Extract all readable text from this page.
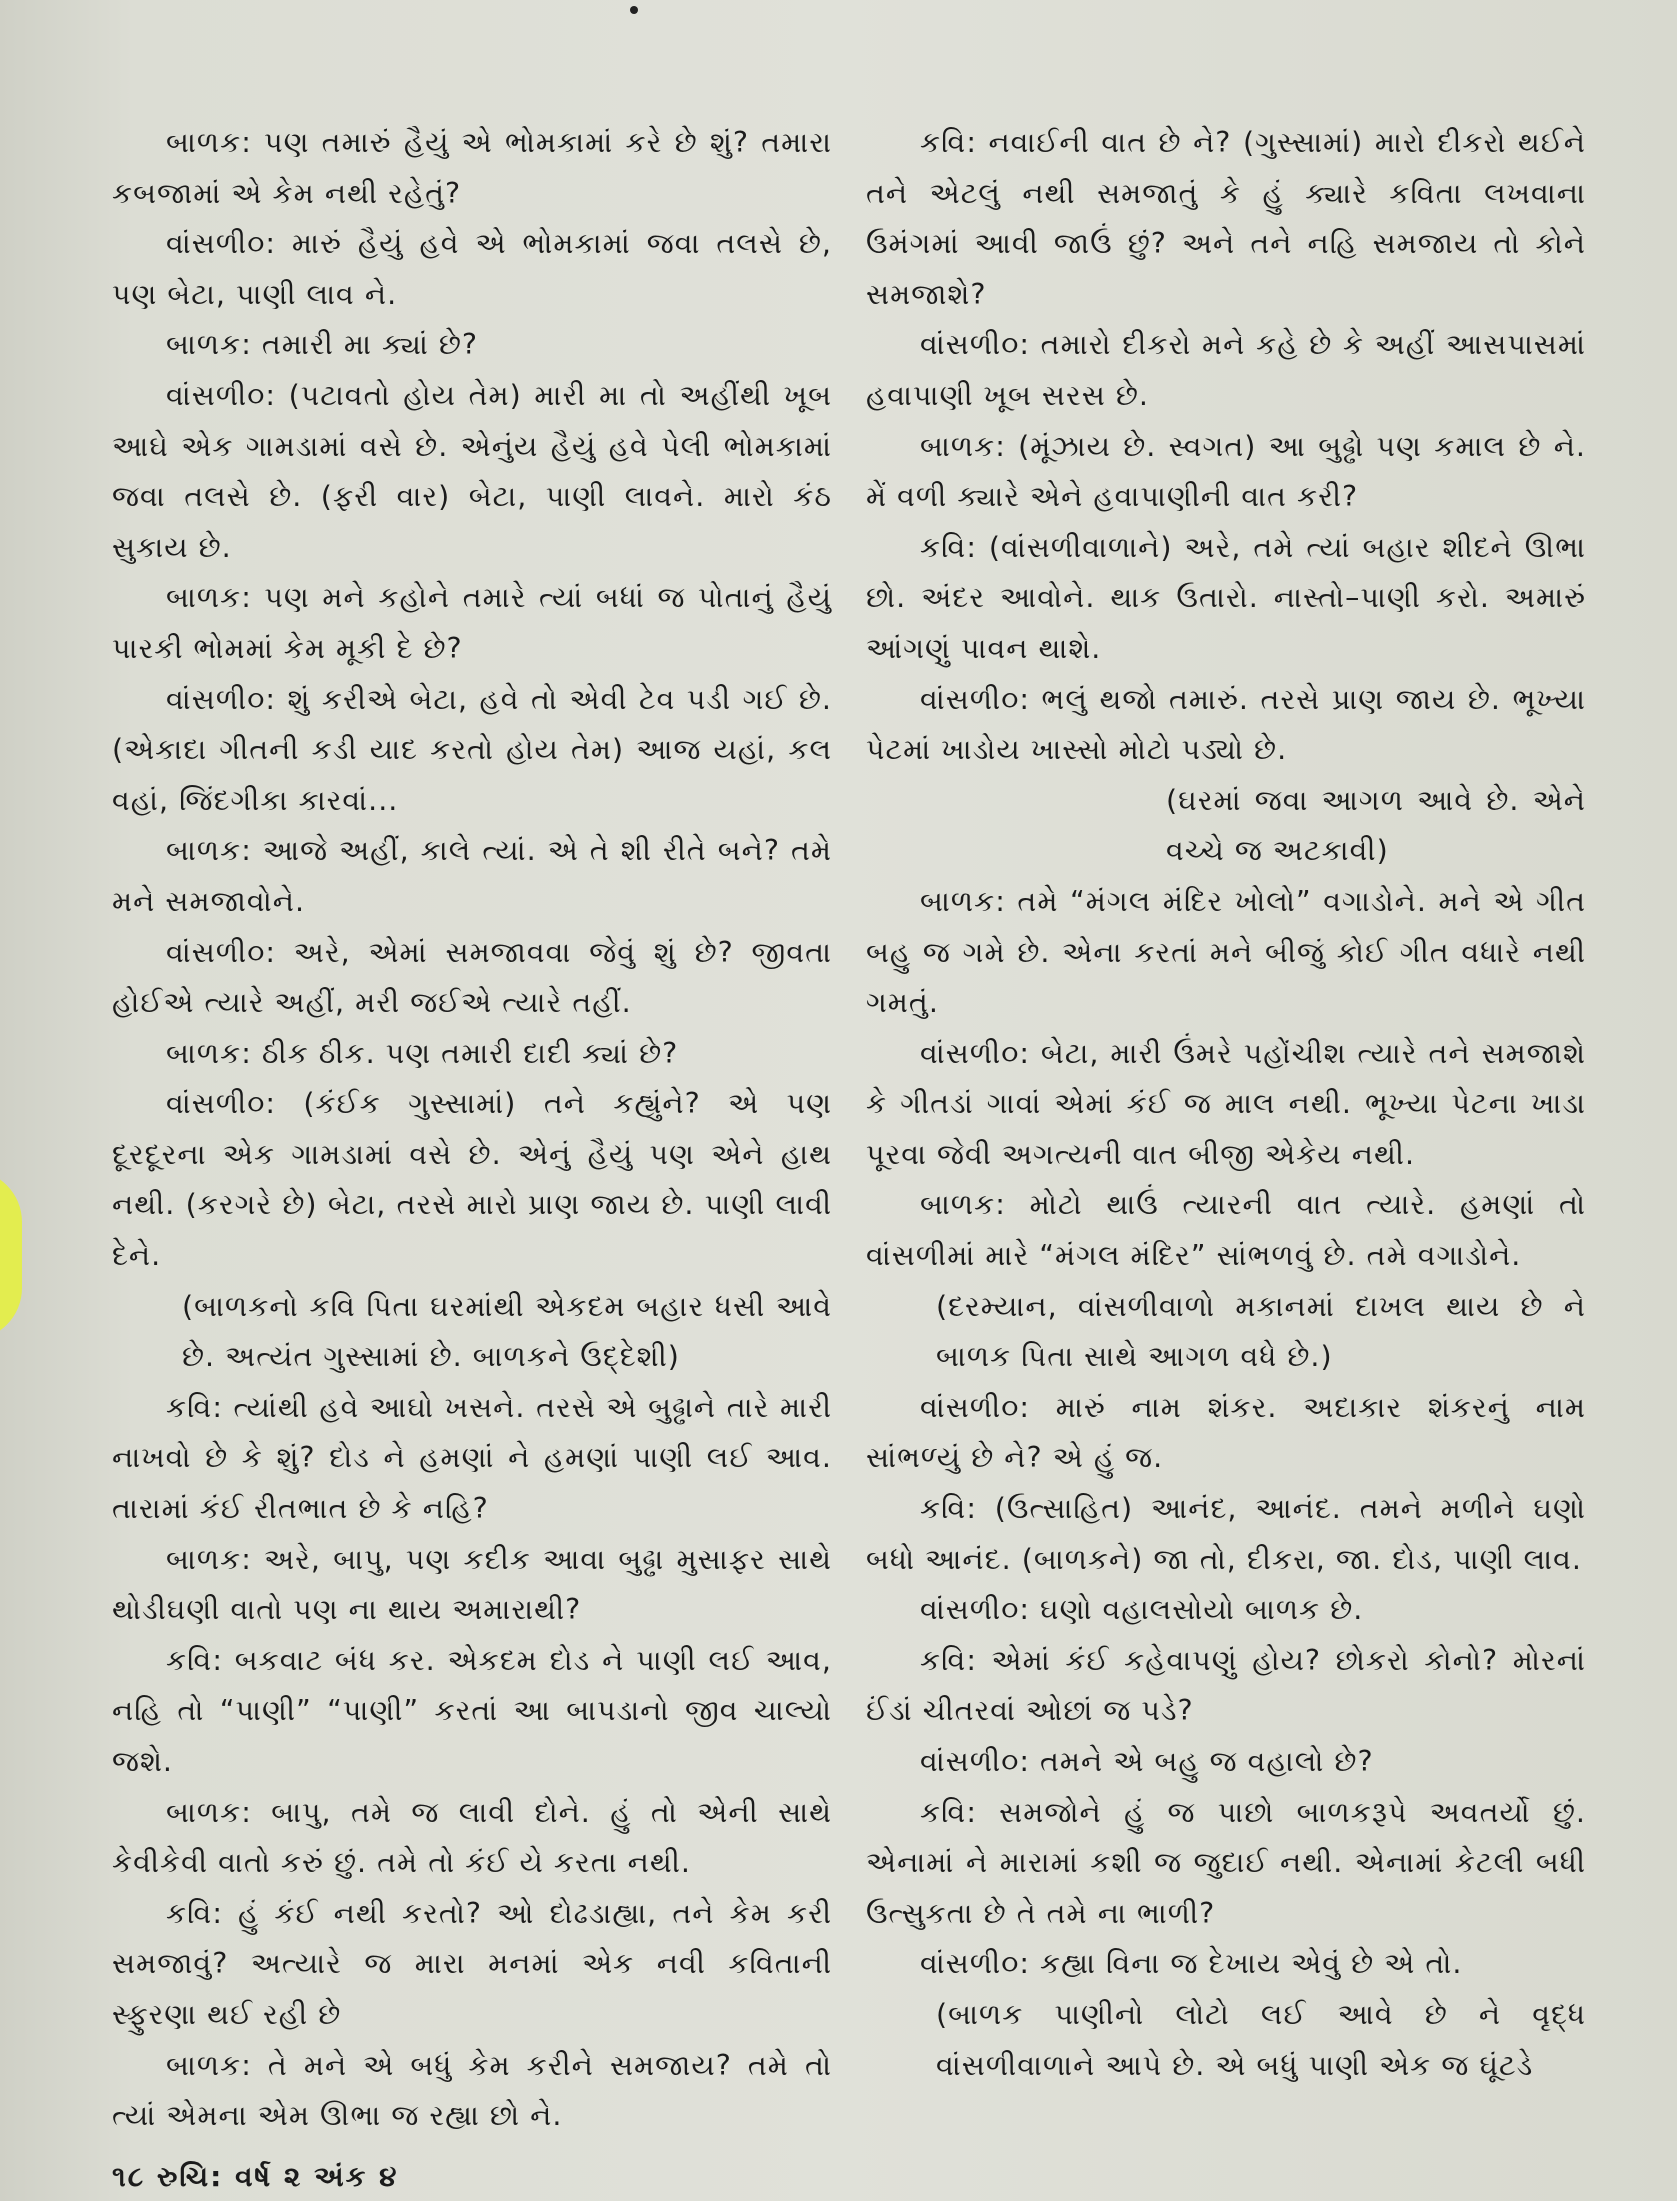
બાળક: પણ તમારું હૈયું એ ભોમકામાં કરે છે શું? તમારા કબજામાં એ કેમ નથી રહેતું?

વાંસળી૦: મારું હૈયું હવે એ ભોમકામાં જવા તલસે છે, પણ બેટા, પાણી લાવ ને.

બાળક: તમારી મા ક્યાં છે?

વાંસળી૦: (પટાવતો હોય તેમ) મારી મા તો અહીંથી ખૂબ આઘે એક ગામડામાં વસે છે. એનુંય હૈયું હવે પેલી ભોમકામાં જવા તલસે છે. (ફરી વાર) બેટા, પાણી લાવને. મારો કંઠ સુકાય છે.

બાળક: પણ મને કહોને તમારે ત્યાં બધાં જ પોતાનું હૈયું પારકી ભોમમાં કેમ મૂકી દે છે?

વાંસળી૦: શું કરીએ બેટા, હવે તો એવી ટેવ પડી ગઈ છે. (એકાદા ગીતની કડી યાદ કરતો હોય તેમ) આજ યહાં, કલ વહાં, જિંદગીકા કારવાં...

બાળક: આજે અહીં, કાલે ત્યાં. એ તે શી રીતે બને? તમે મને સમજાવોને.

વાંસળી૦: અરે, એમાં સમજાવવા જેવું શું છે? જીવતા હોઈએ ત્યારે અહીં, મરી જઈએ ત્યારે તહીં.

બાળક: ઠીક ઠીક. પણ તમારી દાદી ક્યાં છે?

વાંસળી૦: (કંઈક ગુસ્સામાં) તને કહ્યુંને? એ પણ દૂરદૂરના એક ગામડામાં વસે છે. એનું હૈયું પણ એને હાથ નથી. (કરગરે છે) બેટા, તરસે મારો પ્રાણ જાય છે. પાણી લાવી દેને.

(બાળકનો કવિ પિતા ઘરમાંથી એકદમ બહાર ધસી આવે છે. અત્યંત ગુસ્સામાં છે. બાળકને ઉદ્દેશી)

કવિ: ત્યાંથી હવે આઘો ખસને. તરસે એ બુઢ્ઢાને તારે મારી નાખવો છે કે શું? દોડ ને હમણાં ને હમણાં પાણી લઈ આવ. તારામાં કંઈ રીતભાત છે કે નહિ?

બાળક: અરે, બાપુ, પણ કદીક આવા બુઢ્ઢા મુસાફર સાથે થોડીઘણી વાતો પણ ના થાય અમારાથી?

કવિ: બકવાટ બંધ કર. એકદમ દોડ ને પાણી લઈ આવ, નહિ તો “પાણી” “પાણી” કરતાં આ બાપડાનો જીવ ચાલ્યો જશે.

બાળક: બાપુ, તમે જ લાવી દોને. હું તો એની સાથે કેવીકેવી વાતો કરું છું. તમે તો કંઈ યે કરતા નથી.

કવિ: હું કંઈ નથી કરતો? ઓ દોઢડાહ્યા, તને કેમ કરી સમજાવું? અત્યારે જ મારા મનમાં એક નવી કવિતાની સ્ફુરણા થઈ રહી છે

બાળક: તે મને એ બધું કેમ કરીને સમજાય? તમે તો ત્યાં એમના એમ ઊભા જ રહ્યા છો ને.

કવિ: નવાઈની વાત છે ને? (ગુસ્સામાં) મારો દીકરો થઈને તને એટલું નથી સમજાતું કે હું ક્યારે કવિતા લખવાના ઉમંગમાં આવી જાઉં છું? અને તને નહિ સમજાય તો કોને સમજાશે?

વાંસળી૦: તમારો દીકરો મને કહે છે કે અહીં આસપાસમાં હવાપાણી ખૂબ સરસ છે.

બાળક: (મૂંઝાય છે. સ્વગત) આ બુઢ્ઢો પણ કમાલ છે ને. મેં વળી ક્યારે એને હવાપાણીની વાત કરી?

કવિ: (વાંસળીવાળાને) અરે, તમે ત્યાં બહાર શીદને ઊભા છો. અંદર આવોને. થાક ઉતારો. નાસ્તો–પાણી કરો. અમારું આંગણું પાવન થાશે.

વાંસળી૦: ભલું થજો તમારું. તરસે પ્રાણ જાય છે. ભૂખ્યા પેટમાં ખાડોય ખાસ્સો મોટો પડ્યો છે.

(ઘરમાં જવા આગળ આવે છે. એને વચ્ચે જ અટકાવી)

બાળક: તમે “મંગલ મંદિર ખોલો” વગાડોને. મને એ ગીત બહુ જ ગમે છે. એના કરતાં મને બીજું કોઈ ગીત વધારે નથી ગમતું.

વાંસળી૦: બેટા, મારી ઉંમરે પહોંચીશ ત્યારે તને સમજાશે કે ગીતડાં ગાવાં એમાં કંઈ જ માલ નથી. ભૂખ્યા પેટના ખાડા પૂરવા જેવી અગત્યની વાત બીજી એકેય નથી.

બાળક: મોટો થાઉં ત્યારની વાત ત્યારે. હમણાં તો વાંસળીમાં મારે “મંગલ મંદિર” સાંભળવું છે. તમે વગાડોને.

(દરમ્યાન, વાંસળીવાળો મકાનમાં દાખલ થાય છે ને બાળક પિતા સાથે આગળ વધે છે.)

વાંસળી૦: મારું નામ શંકર. અદાકાર શંકરનું નામ સાંભળ્યું છે ને? એ હું જ.

કવિ: (ઉત્સાહિત) આનંદ, આનંદ. તમને મળીને ઘણો બધો આનંદ. (બાળકને) જા તો, દીકરા, જા. દોડ, પાણી લાવ.

વાંસળી૦: ઘણો વહાલસોયો બાળક છે.

કવિ: એમાં કંઈ કહેવાપણું હોય? છોકરો કોનો? મોરનાં ઈંડાં ચીતરવાં ઓછાં જ પડે?

વાંસળી૦: તમને એ બહુ જ વહાલો છે?

કવિ: સમજોને હું જ પાછો બાળકરૂપે અવતર્યો છું. એનામાં ને મારામાં કશી જ જુદાઈ નથી. એનામાં કેટલી બધી ઉત્સુકતા છે તે તમે ના ભાળી?

વાંસળી૦: કહ્યા વિના જ દેખાય એવું છે એ તો.

(બાળક પાણીનો લોટો લઈ આવે છે ને વૃદ્ધ વાંસળીવાળાને આપે છે. એ બધું પાણી એક જ ઘૂંટડે

૧૮ રુચિ: વર્ષ ૨ અંક ૪
